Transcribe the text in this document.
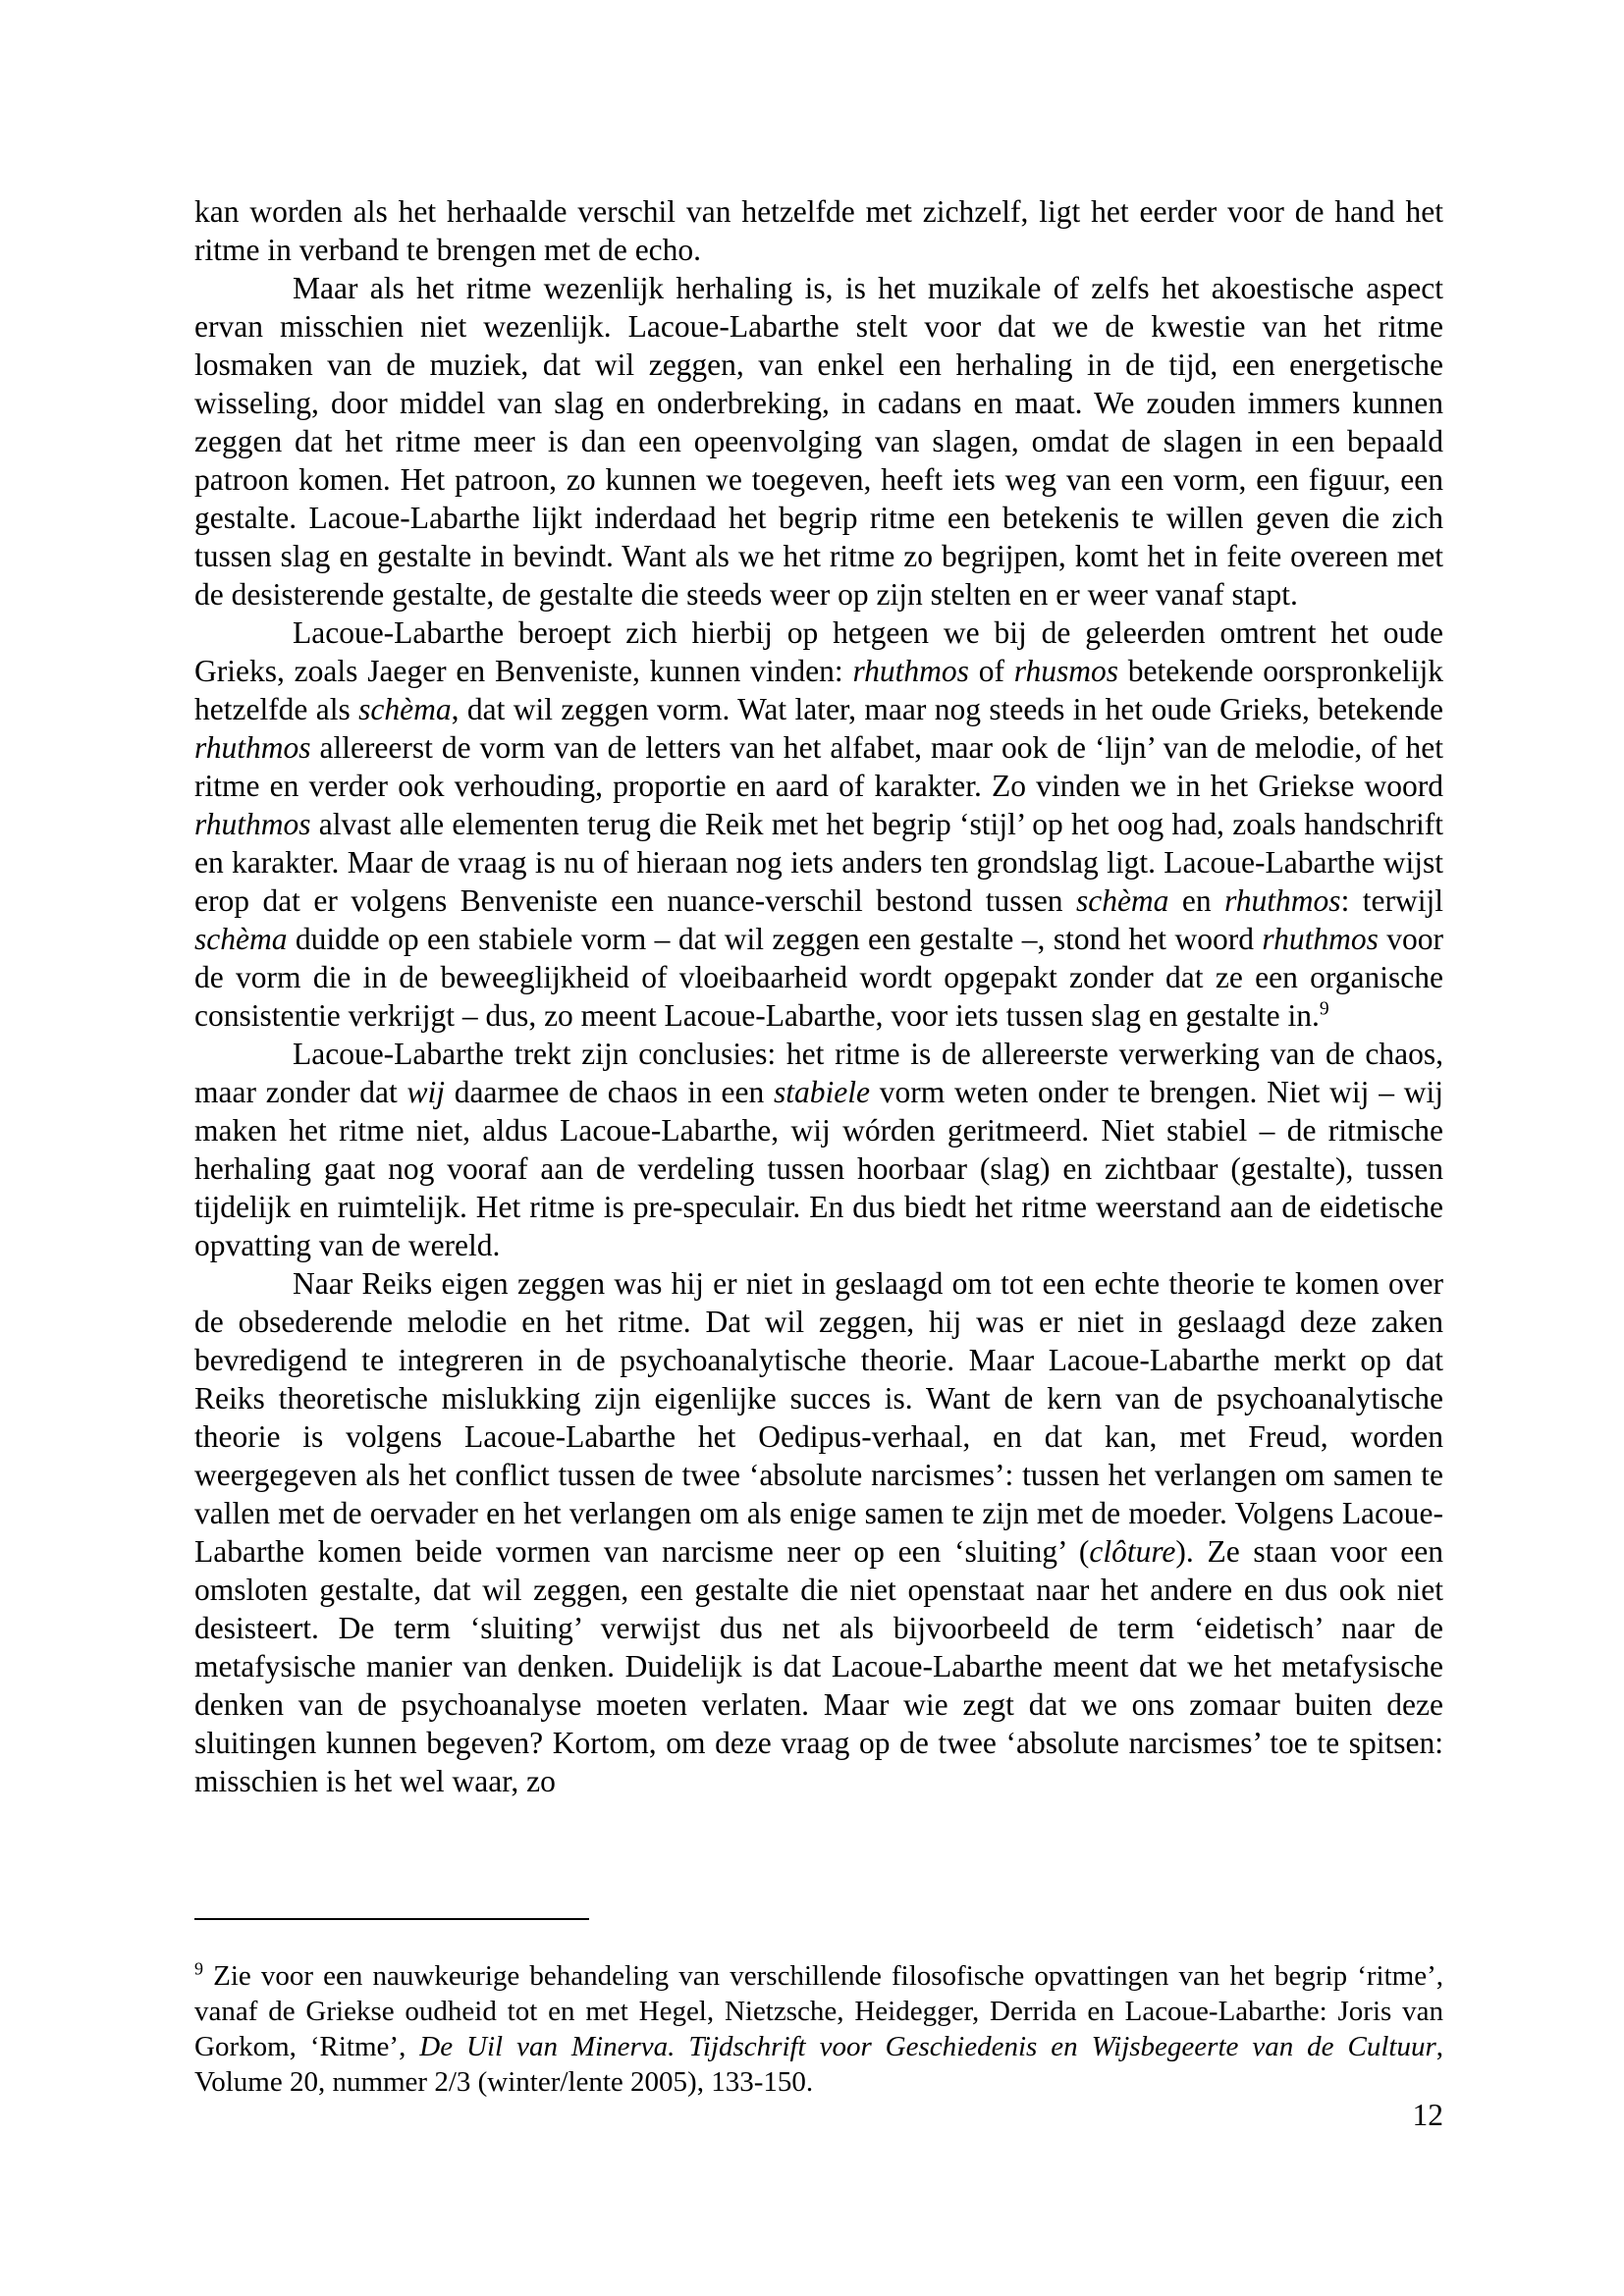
kan worden als het herhaalde verschil van hetzelfde met zichzelf, ligt het eerder voor de hand het ritme in verband te brengen met de echo.

Maar als het ritme wezenlijk herhaling is, is het muzikale of zelfs het akoestische aspect ervan misschien niet wezenlijk. Lacoue-Labarthe stelt voor dat we de kwestie van het ritme losmaken van de muziek, dat wil zeggen, van enkel een herhaling in de tijd, een energetische wisseling, door middel van slag en onderbreking, in cadans en maat. We zouden immers kunnen zeggen dat het ritme meer is dan een opeenvolging van slagen, omdat de slagen in een bepaald patroon komen. Het patroon, zo kunnen we toegeven, heeft iets weg van een vorm, een figuur, een gestalte. Lacoue-Labarthe lijkt inderdaad het begrip ritme een betekenis te willen geven die zich tussen slag en gestalte in bevindt. Want als we het ritme zo begrijpen, komt het in feite overeen met de desisterende gestalte, de gestalte die steeds weer op zijn stelten en er weer vanaf stapt.

Lacoue-Labarthe beroept zich hierbij op hetgeen we bij de geleerden omtrent het oude Grieks, zoals Jaeger en Benveniste, kunnen vinden: rhuthmos of rhusmos betekende oorspronkelijk hetzelfde als schèma, dat wil zeggen vorm. Wat later, maar nog steeds in het oude Grieks, betekende rhuthmos allereerst de vorm van de letters van het alfabet, maar ook de ‘lijn’ van de melodie, of het ritme en verder ook verhouding, proportie en aard of karakter. Zo vinden we in het Griekse woord rhuthmos alvast alle elementen terug die Reik met het begrip ‘stijl’ op het oog had, zoals handschrift en karakter. Maar de vraag is nu of hieraan nog iets anders ten grondslag ligt. Lacoue-Labarthe wijst erop dat er volgens Benveniste een nuance-verschil bestond tussen schèma en rhuthmos: terwijl schèma duidde op een stabiele vorm – dat wil zeggen een gestalte –, stond het woord rhuthmos voor de vorm die in de beweeglijkheid of vloeibaarheid wordt opgepakt zonder dat ze een organische consistentie verkrijgt – dus, zo meent Lacoue-Labarthe, voor iets tussen slag en gestalte in.$^9$

Lacoue-Labarthe trekt zijn conclusies: het ritme is de allereerste verwerking van de chaos, maar zonder dat wij daarmee de chaos in een stabiele vorm weten onder te brengen. Niet wij – wij maken het ritme niet, aldus Lacoue-Labarthe, wij wórden geritmeerd. Niet stabiel – de ritmische herhaling gaat nog vooraf aan de verdeling tussen hoorbaar (slag) en zichtbaar (gestalte), tussen tijdelijk en ruimtelijk. Het ritme is pre-speculair. En dus biedt het ritme weerstand aan de eidetische opvatting van de wereld.

Naar Reiks eigen zeggen was hij er niet in geslaagd om tot een echte theorie te komen over de obsederende melodie en het ritme. Dat wil zeggen, hij was er niet in geslaagd deze zaken bevredigend te integreren in de psychoanalytische theorie. Maar Lacoue-Labarthe merkt op dat Reiks theoretische mislukking zijn eigenlijke succes is. Want de kern van de psychoanalytische theorie is volgens Lacoue-Labarthe het Oedipus-verhaal, en dat kan, met Freud, worden weergegeven als het conflict tussen de twee ‘absolute narcismes’: tussen het verlangen om samen te vallen met de oervader en het verlangen om als enige samen te zijn met de moeder. Volgens Lacoue-Labarthe komen beide vormen van narcisme neer op een ‘sluiting’ (clôture). Ze staan voor een omsloten gestalte, dat wil zeggen, een gestalte die niet openstaat naar het andere en dus ook niet desisteert. De term ‘sluiting’ verwijst dus net als bijvoorbeeld de term ‘eidetisch’ naar de metafysische manier van denken. Duidelijk is dat Lacoue-Labarthe meent dat we het metafysische denken van de psychoanalyse moeten verlaten. Maar wie zegt dat we ons zomaar buiten deze sluitingen kunnen begeven? Kortom, om deze vraag op de twee ‘absolute narcismes’ toe te spitsen: misschien is het wel waar, zo

$^9$ Zie voor een nauwkeurige behandeling van verschillende filosofische opvattingen van het begrip ‘ritme’, vanaf de Griekse oudheid tot en met Hegel, Nietzsche, Heidegger, Derrida en Lacoue-Labarthe: Joris van Gorkom, ‘Ritme’, De Uil van Minerva. Tijdschrift voor Geschiedenis en Wijsbegeerte van de Cultuur, Volume 20, nummer 2/3 (winter/lente 2005), 133-150.

12
